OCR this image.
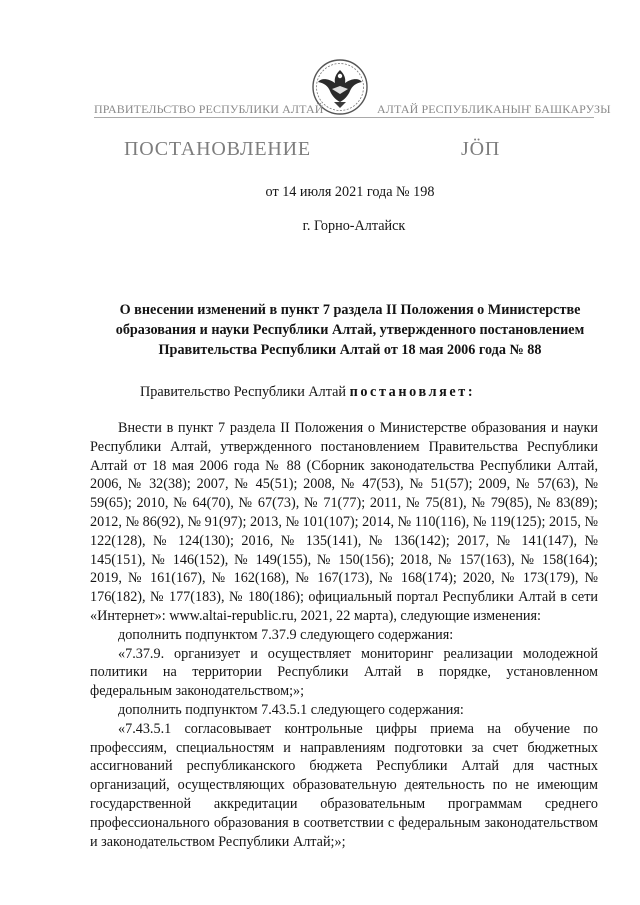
ПРАВИТЕЛЬСТВО РЕСПУБЛИКИ АЛТАЙ	АЛТАЙ РЕСПУБЛИКАНЫҤ БАШКАРУЗЫ
ПОСТАНОВЛЕНИЕ	ЈӦП
от 14 июля 2021 года № 198
г. Горно-Алтайск
О внесении изменений в пункт 7 раздела II Положения о Министерстве образования и науки Республики Алтай, утвержденного постановлением Правительства Республики Алтай от 18 мая 2006 года № 88
Правительство Республики Алтай постановляет:

Внести в пункт 7 раздела II Положения о Министерстве образования и науки Республики Алтай, утвержденного постановлением Правительства Республики Алтай от 18 мая 2006 года № 88 (Сборник законодательства Республики Алтай, 2006, № 32(38); 2007, № 45(51); 2008, № 47(53), № 51(57); 2009, № 57(63), № 59(65); 2010, № 64(70), № 67(73), № 71(77); 2011, № 75(81), № 79(85), № 83(89); 2012, № 86(92), № 91(97); 2013, № 101(107); 2014, № 110(116), № 119(125); 2015, № 122(128), № 124(130); 2016, № 135(141), № 136(142); 2017, № 141(147), № 145(151), № 146(152), № 149(155), № 150(156); 2018, № 157(163), № 158(164); 2019, № 161(167), № 162(168), № 167(173), № 168(174); 2020, № 173(179), № 176(182), № 177(183), № 180(186); официальный портал Республики Алтай в сети «Интернет»: www.altai-republic.ru, 2021, 22 марта), следующие изменения:

дополнить подпунктом 7.37.9 следующего содержания:

«7.37.9. организует и осуществляет мониторинг реализации молодежной политики на территории Республики Алтай в порядке, установленном федеральным законодательством;»;

дополнить подпунктом 7.43.5.1 следующего содержания:

«7.43.5.1 согласовывает контрольные цифры приема на обучение по профессиям, специальностям и направлениям подготовки за счет бюджетных ассигнований республиканского бюджета Республики Алтай для частных организаций, осуществляющих образовательную деятельность по не имеющим государственной аккредитации образовательным программам среднего профессионального образования в соответствии с федеральным законодательством и законодательством Республики Алтай;»;
